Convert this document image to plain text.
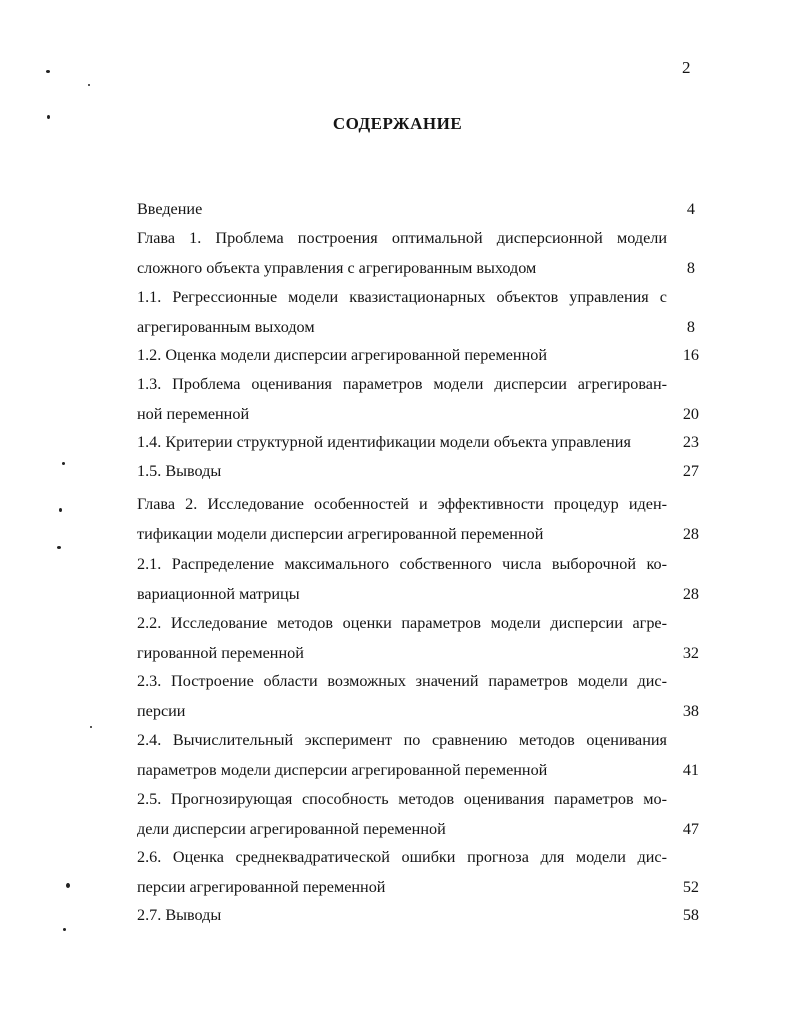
2
СОДЕРЖАНИЕ
Введение	4
Глава 1. Проблема построения оптимальной дисперсионной модели
сложного объекта управления с агрегированным выходом	8
1.1. Регрессионные модели квазистационарных объектов управления с
агрегированным выходом	8
1.2. Оценка модели дисперсии агрегированной переменной	16
1.3. Проблема оценивания параметров модели дисперсии агрегирован-
ной переменной	20
1.4. Критерии структурной идентификации модели объекта управления	23
1.5. Выводы	27
Глава 2. Исследование особенностей и эффективности процедур иден-
тификации модели дисперсии агрегированной переменной	28
2.1. Распределение максимального собственного числа выборочной ко-
вариационной матрицы	28
2.2. Исследование методов оценки параметров модели дисперсии агре-
гированной переменной	32
2.3. Построение области возможных значений параметров модели дис-
персии	38
2.4. Вычислительный эксперимент по сравнению методов оценивания
параметров модели дисперсии агрегированной переменной	41
2.5. Прогнозирующая способность методов оценивания параметров мо-
дели дисперсии агрегированной переменной	47
2.6. Оценка среднеквадратической ошибки прогноза для модели дис-
персии агрегированной переменной	52
2.7. Выводы	58
